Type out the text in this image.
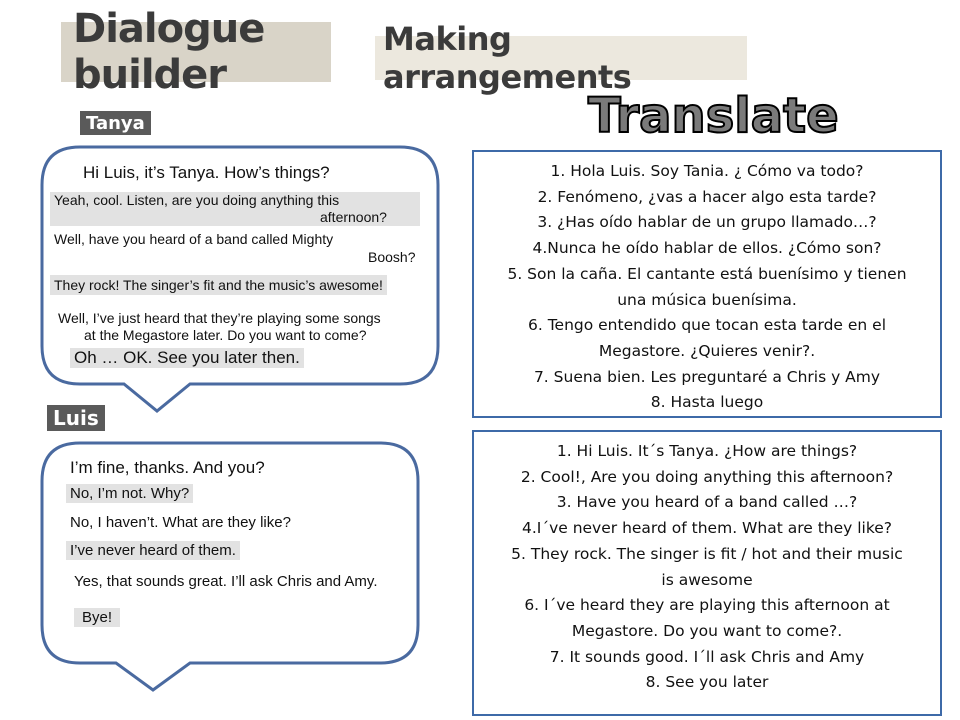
Dialogue builder
Making arrangements
Translate
Tanya
Luis
Hi Luis, it’s Tanya. How’s things?
Yeah, cool. Listen, are you doing anything this
afternoon?
Well, have you heard of a band called Mighty
Boosh?
They rock! The singer’s fit and the music’s awesome!
Well, I’ve just heard that they’re playing some songs
at the Megastore later. Do you want to come?
Oh … OK. See you later then.
I’m fine, thanks. And you?
No, I’m not. Why?
No, I haven’t. What are they like?
I’ve never heard of them.
Yes, that sounds great. I’ll ask Chris and Amy.
Bye!
1. Hola Luis. Soy Tania. ¿ Cómo va todo?
2. Fenómeno, ¿vas a hacer algo esta tarde?
3. ¿Has oído hablar de un grupo llamado…?
4.Nunca he oído hablar de ellos. ¿Cómo son?
5. Son la caña. El cantante está buenísimo y tienen
una música buenísima.
6. Tengo entendido que tocan esta tarde en el
Megastore. ¿Quieres venir?.
7. Suena bien. Les preguntaré a Chris y Amy
8. Hasta luego
1. Hi Luis. It´s Tanya. ¿How are things?
2. Cool!, Are you doing anything this afternoon?
3. Have you heard of a band called …?
4.I´ve never heard of them. What are they like?
5. They rock. The singer is fit / hot and their music
is awesome
6. I´ve heard they are playing this afternoon at
Megastore. Do you want to come?.
7. It sounds good. I´ll ask Chris and Amy
8. See you later
